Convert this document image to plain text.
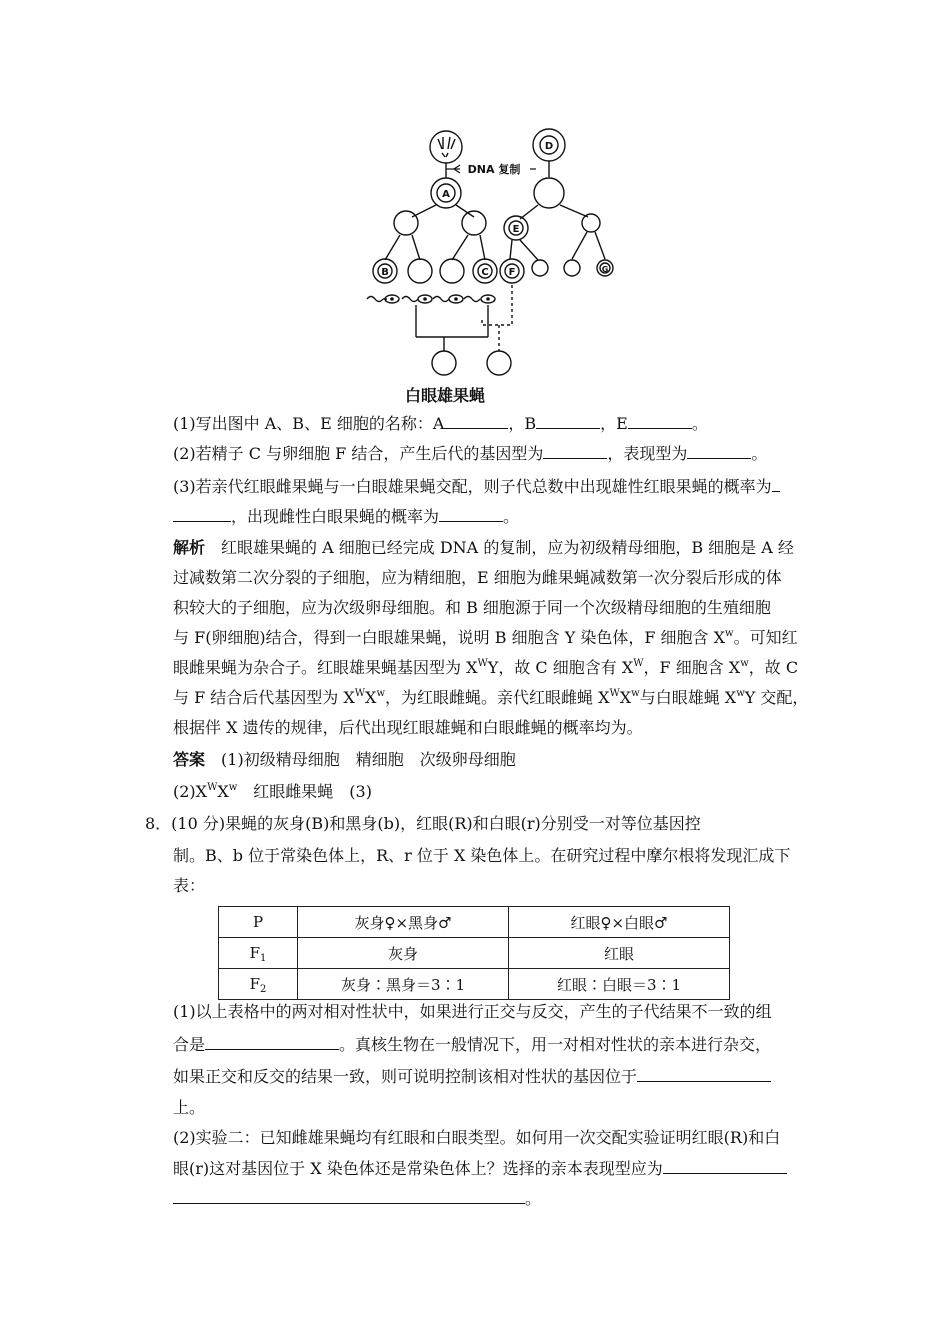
D
A
E
B	C F	G
DNA 复制
白眼雄果蝇
(1)写出图中 A、B、E 细胞的名称：A	，B	，E	。
(2)若精子 C 与卵细胞 F 结合，产生后代的基因型为	，表现型为	。
(3)若亲代红眼雌果蝇与一白眼雄果蝇交配，则子代总数中出现雄性红眼果蝇的概率为
，出现雌性白眼果蝇的概率为	。
解析　 红眼雄果蝇的 A 细胞已经完成 DNA 的复制，应为初级精母细胞，B 细胞是 A 经
过减数第二次分裂的子细胞，应为精细胞，E 细胞为雌果蝇减数第一次分裂后形成的体
积较大的子细胞，应为次级卵母细胞。和 B 细胞源于同一个次级精母细胞的生殖细胞
与 F(卵细胞)结合，得到一白眼雄果蝇，说明 B 细胞含 Y 染色体，F 细胞含 $X^w$。可知红
眼雌果蝇为杂合子。红眼雄果蝇基因型为 $X^WY$，故 C 细胞含有 $X^W$，F 细胞含 $X^w$，故 C
与 F 结合后代基因型为 $X^WX^w$，为红眼雌蝇。亲代红眼雌蝇 $X^WX^w$与白眼雄蝇 $X^wY$ 交配，
根据伴 X 遗传的规律，后代出现红眼雄蝇和白眼雌蝇的概率均为。
答案　 (1)初级精母细胞　精细胞　次级卵母细胞
$(2)X^WX^w$　红眼雌果蝇　(3)
8．(10 分)果蝇的灰身(B)和黑身(b)，红眼(R)和白眼(r)分别受一对等位基因控
制。B、b 位于常染色体上，R、r 位于 X 染色体上。在研究过程中摩尔根将发现汇成下
表：
P	灰身♀×黑身♂	红眼♀×白眼♂
$F_1$	灰身	红眼
$F_2$	灰身∶黑身＝3∶1	红眼∶白眼＝3∶1
(1)以上表格中的两对相对性状中，如果进行正交与反交，产生的子代结果不一致的组
合是	。真核生物在一般情况下，用一对相对性状的亲本进行杂交，
如果正交和反交的结果一致，则可说明控制该相对性状的基因位于
上。
(2)实验二：已知雌雄果蝇均有红眼和白眼类型。如何用一次交配实验证明红眼(R)和白
眼(r)这对基因位于 X 染色体还是常染色体上？选择的亲本表现型应为
。
